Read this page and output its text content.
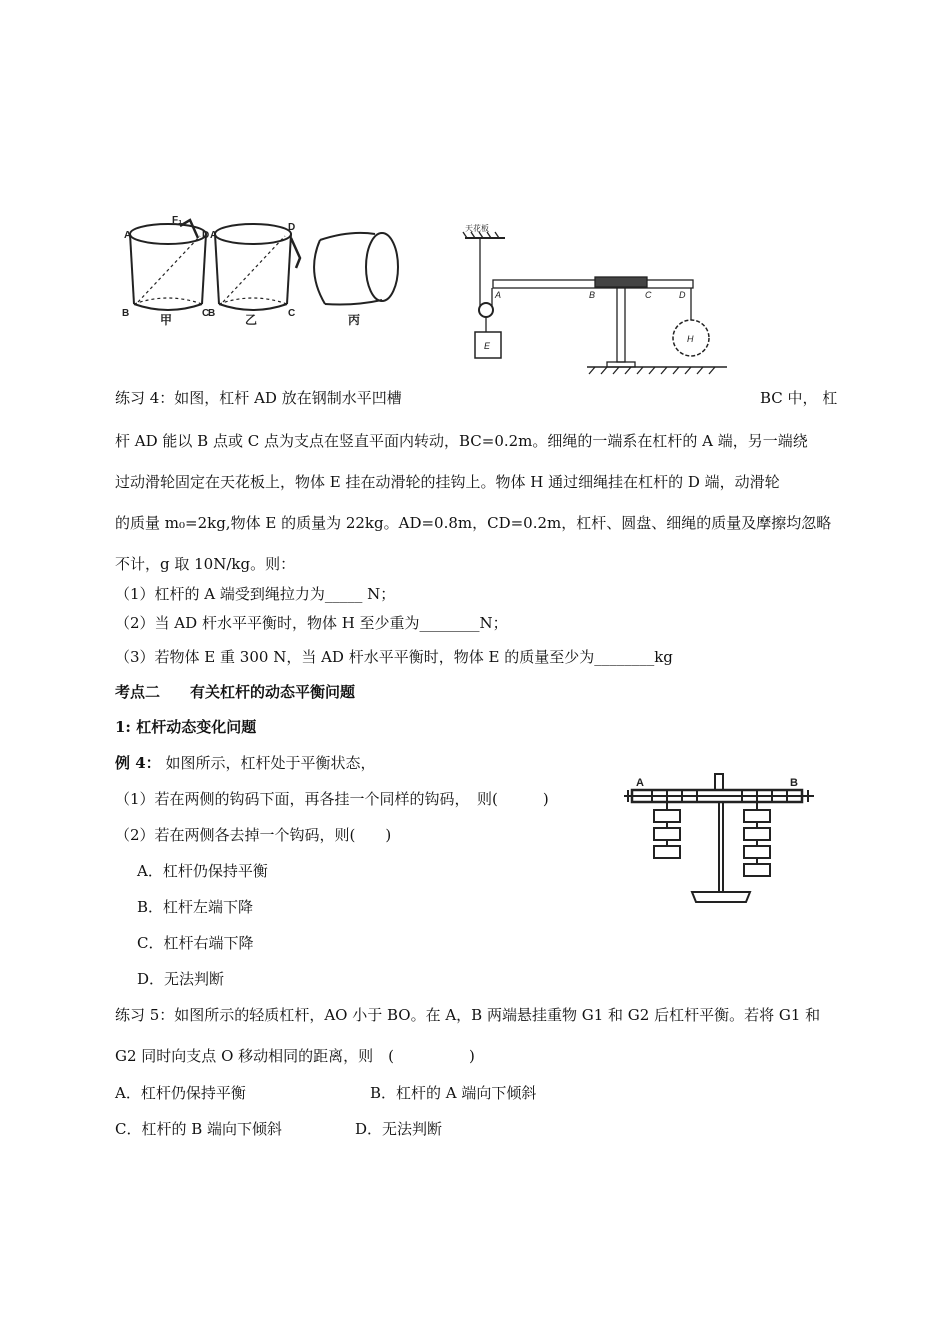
A
F₁
D A
D
B	C
B	C
甲	乙	丙
天花板
A	B	C	D
E
H
练习 4：如图，杠杆 AD 放在钢制水平凹槽	BC 中， 杠
杆 AD 能以 B 点或 C 点为支点在竖直平面内转动，BC=0.2m。细绳的一端系在杠杆的 A 端，另一端绕
过动滑轮固定在天花板上，物体 E 挂在动滑轮的挂钩上。物体 H 通过细绳挂在杠杆的 D 端，动滑轮
的质量 m₀=2kg,物体 E 的质量为 22kg。AD=0.8m，CD=0.2m，杠杆、圆盘、细绳的质量及摩擦均忽略
不计，g 取 10N/kg。则：
（1）杠杆的 A 端受到绳拉力为_____ N；
（2）当 AD 杆水平平衡时，物体 H 至少重为________N；
（3）若物体 E 重 300 N，当 AD 杆水平平衡时，物体 E 的质量至少为________kg
考点二　　有关杠杆的动态平衡问题
1: 杠杆动态变化问题
例 4： 如图所示，杠杆处于平衡状态，
（1）若在两侧的钩码下面，再各挂一个同样的钩码，　则(　　　)
（2）若在两侧各去掉一个钩码，则(　　)
A．杠杆仍保持平衡
B．杠杆左端下降
C．杠杆右端下降
D．无法判断
A	B
练习 5：如图所示的轻质杠杆，AO 小于 BO。在 A，B 两端悬挂重物 G1 和 G2 后杠杆平衡。若将 G1 和
G2 同时向支点 O 移动相同的距离，则　(　　　　　)
A．杠杆仍保持平衡	B．杠杆的 A 端向下倾斜
C．杠杆的 B 端向下倾斜	D．无法判断
